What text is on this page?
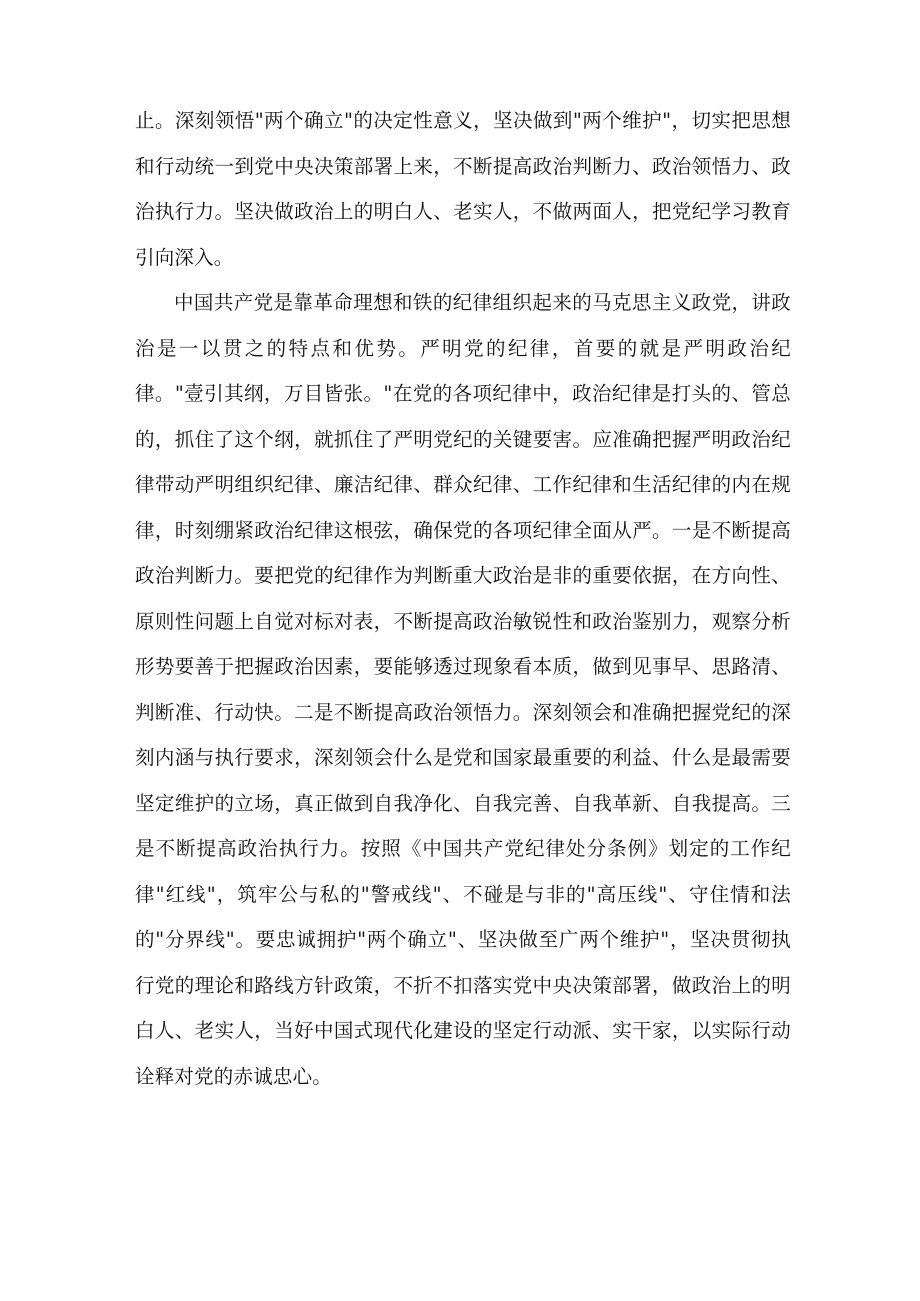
止。深刻领悟"两个确立"的决定性意义，坚决做到"两个维护"，切实把思想和行动统一到党中央决策部署上来，不断提高政治判断力、政治领悟力、政治执行力。坚决做政治上的明白人、老实人，不做两面人，把党纪学习教育引向深入。

中国共产党是靠革命理想和铁的纪律组织起来的马克思主义政党，讲政治是一以贯之的特点和优势。严明党的纪律，首要的就是严明政治纪律。"壹引其纲，万目皆张。"在党的各项纪律中，政治纪律是打头的、管总的，抓住了这个纲，就抓住了严明党纪的关键要害。应准确把握严明政治纪律带动严明组织纪律、廉洁纪律、群众纪律、工作纪律和生活纪律的内在规律，时刻绷紧政治纪律这根弦，确保党的各项纪律全面从严。一是不断提高政治判断力。要把党的纪律作为判断重大政治是非的重要依据，在方向性、原则性问题上自觉对标对表，不断提高政治敏锐性和政治鉴别力，观察分析形势要善于把握政治因素，要能够透过现象看本质，做到见事早、思路清、判断准、行动快。二是不断提高政治领悟力。深刻领会和准确把握党纪的深刻内涵与执行要求，深刻领会什么是党和国家最重要的利益、什么是最需要坚定维护的立场，真正做到自我净化、自我完善、自我革新、自我提高。三是不断提高政治执行力。按照《中国共产党纪律处分条例》划定的工作纪律"红线"，筑牢公与私的"警戒线"、不碰是与非的"高压线"、守住情和法的"分界线"。要忠诚拥护"两个确立"、坚决做至广两个维护"，坚决贯彻执行党的理论和路线方针政策，不折不扣落实党中央决策部署，做政治上的明白人、老实人，当好中国式现代化建设的坚定行动派、实干家，以实际行动诠释对党的赤诚忠心。
